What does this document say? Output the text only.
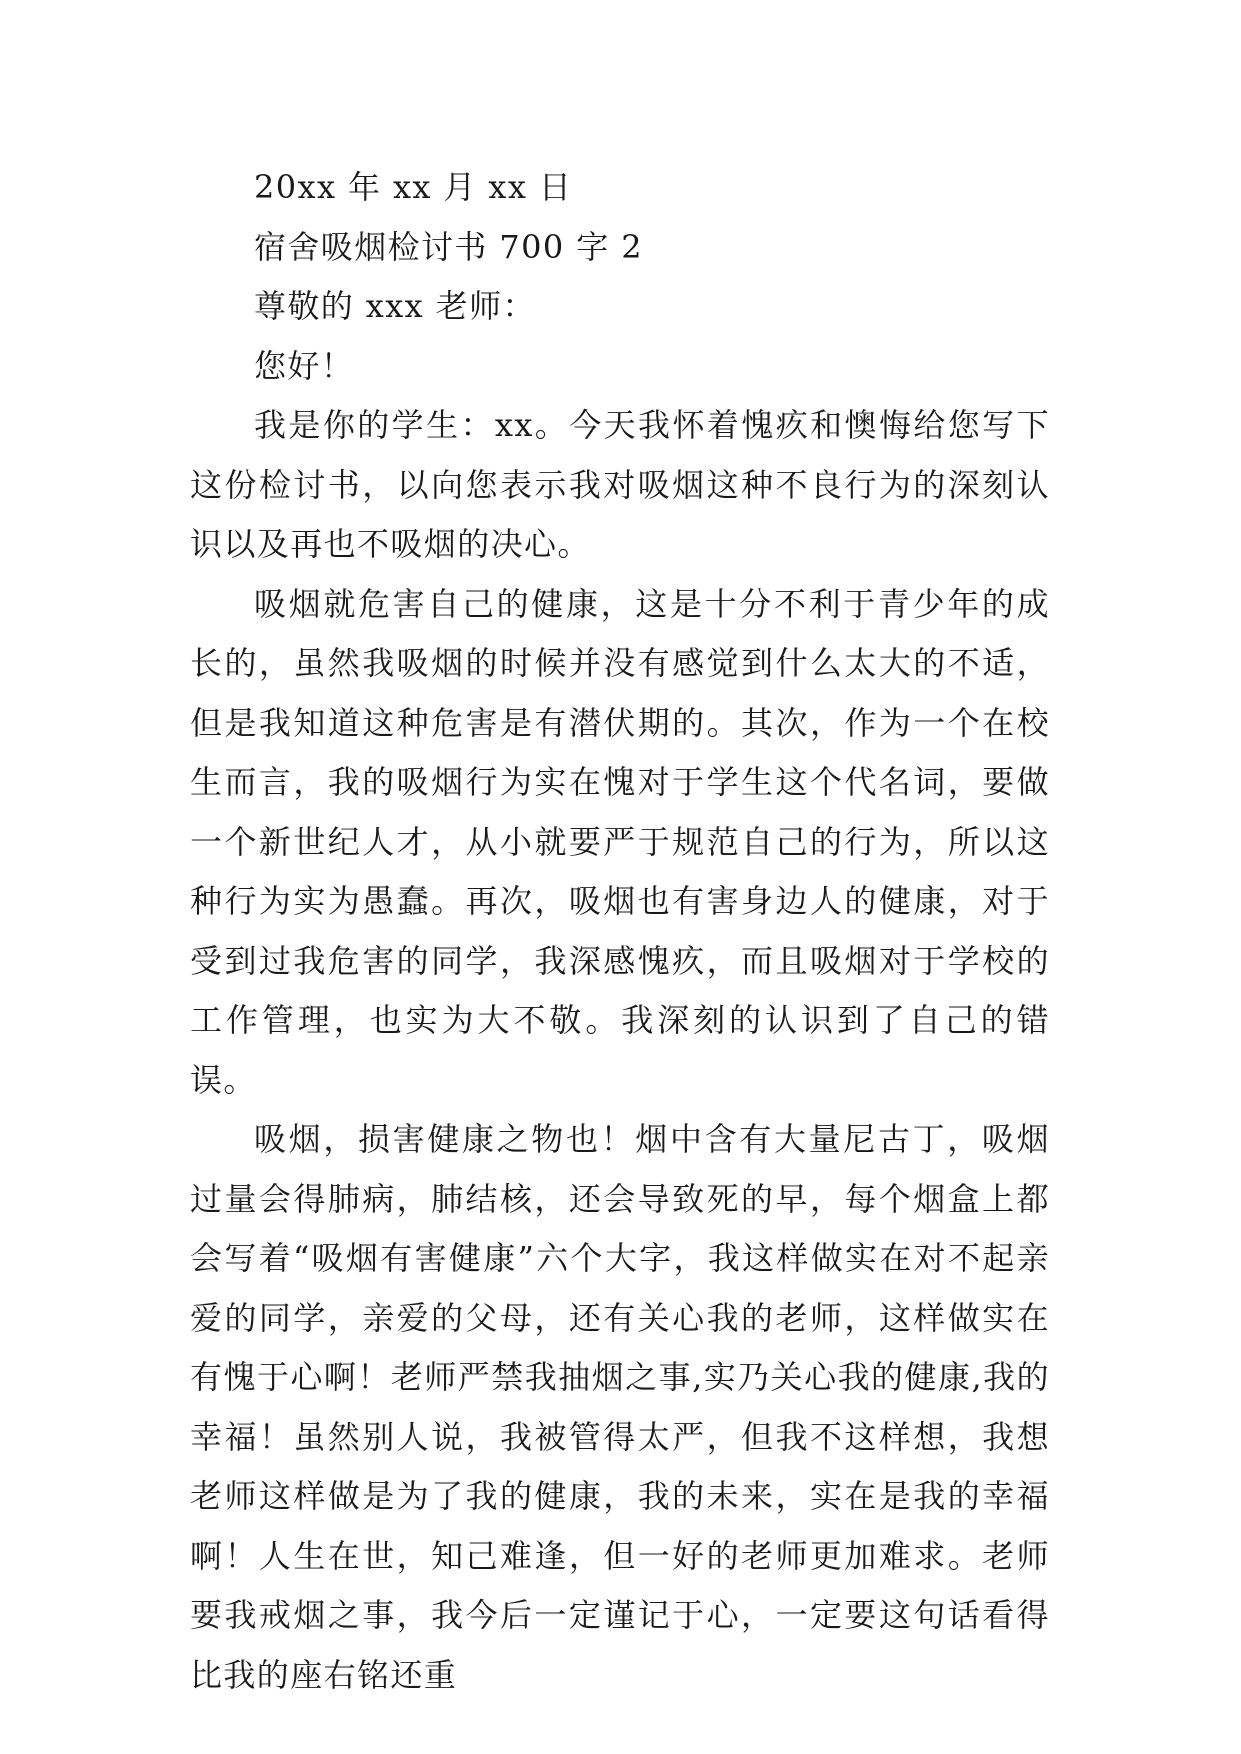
20xx 年 xx 月 xx 日

宿舍吸烟检讨书 700 字 2

尊敬的 xxx 老师：

您好！

我是你的学生：xx。今天我怀着愧疚和懊悔给您写下这份检讨书，以向您表示我对吸烟这种不良行为的深刻认识以及再也不吸烟的决心。

吸烟就危害自己的健康，这是十分不利于青少年的成长的，虽然我吸烟的时候并没有感觉到什么太大的不适，但是我知道这种危害是有潜伏期的。其次，作为一个在校生而言，我的吸烟行为实在愧对于学生这个代名词，要做一个新世纪人才，从小就要严于规范自己的行为，所以这种行为实为愚蠢。再次，吸烟也有害身边人的健康，对于受到过我危害的同学，我深感愧疚，而且吸烟对于学校的工作管理，也实为大不敬。我深刻的认识到了自己的错误。

吸烟，损害健康之物也！烟中含有大量尼古丁，吸烟过量会得肺病，肺结核，还会导致死的早，每个烟盒上都会写着“吸烟有害健康”六个大字，我这样做实在对不起亲爱的同学，亲爱的父母，还有关心我的老师，这样做实在有愧于心啊！老师严禁我抽烟之事,实乃关心我的健康,我的幸福！虽然别人说，我被管得太严，但我不这样想，我想老师这样做是为了我的健康，我的未来，实在是我的幸福啊！人生在世，知己难逢，但一好的老师更加难求。老师要我戒烟之事，我今后一定谨记于心，一定要这句话看得比我的座右铭还重
